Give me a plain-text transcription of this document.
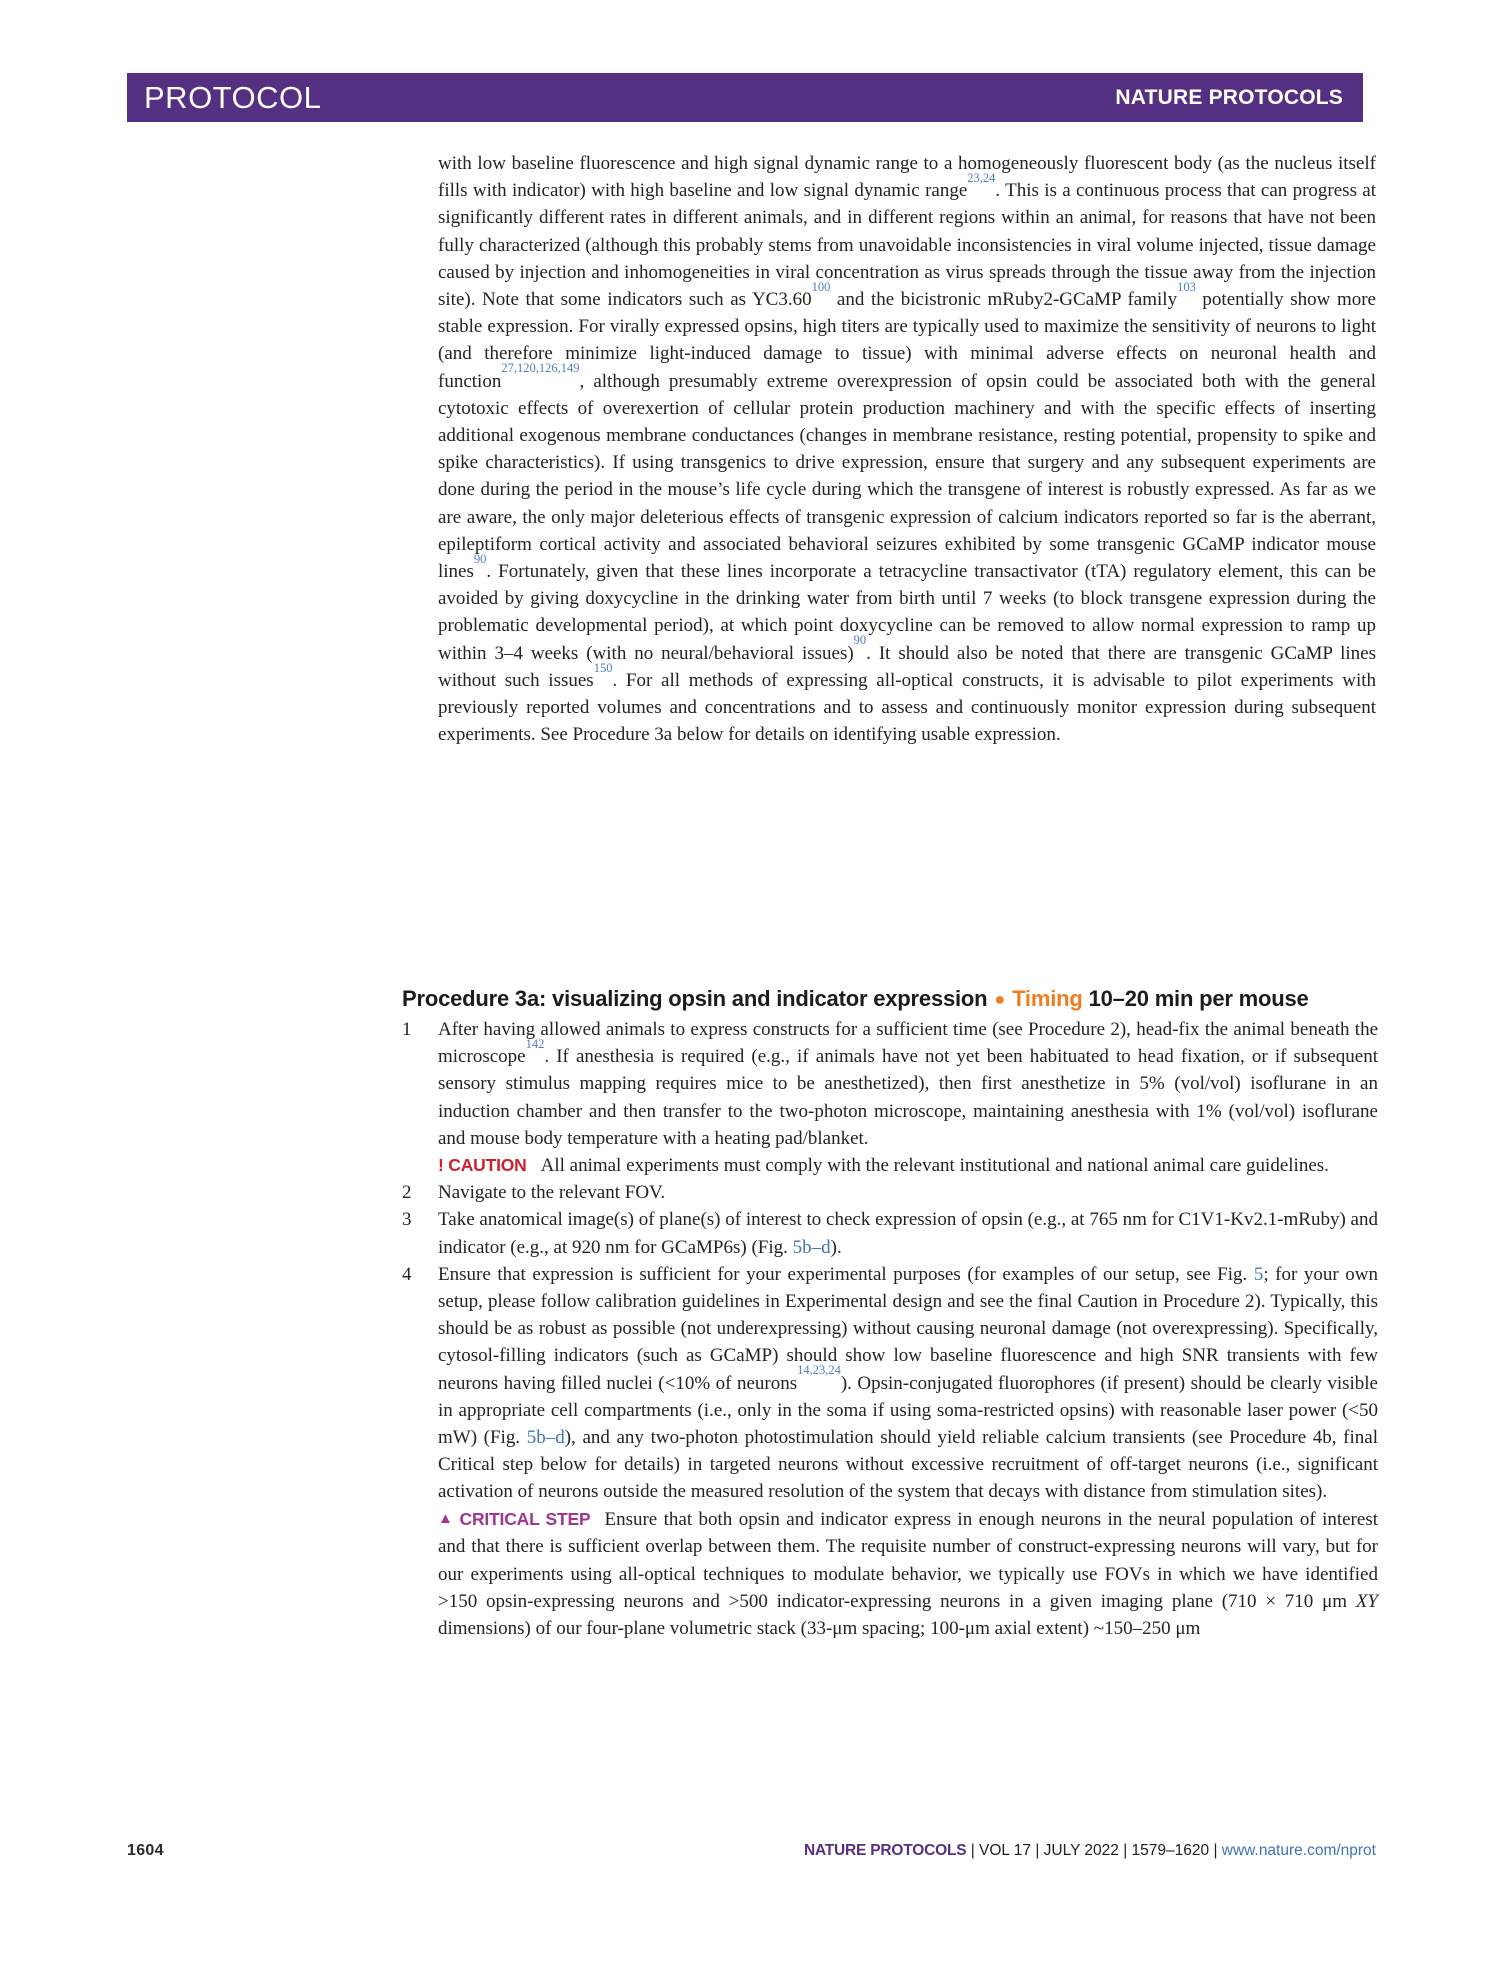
PROTOCOL	NATURE PROTOCOLS
with low baseline fluorescence and high signal dynamic range to a homogeneously fluorescent body (as the nucleus itself fills with indicator) with high baseline and low signal dynamic range$^{23,24}$. This is a continuous process that can progress at significantly different rates in different animals, and in different regions within an animal, for reasons that have not been fully characterized (although this probably stems from unavoidable inconsistencies in viral volume injected, tissue damage caused by injection and inhomogeneities in viral concentration as virus spreads through the tissue away from the injection site). Note that some indicators such as YC3.60$^{100}$ and the bicistronic mRuby2-GCaMP family$^{103}$ potentially show more stable expression. For virally expressed opsins, high titers are typically used to maximize the sensitivity of neurons to light (and therefore minimize light-induced damage to tissue) with minimal adverse effects on neuronal health and function$^{27,120,126,149}$, although presumably extreme overexpression of opsin could be associated both with the general cytotoxic effects of overexertion of cellular protein production machinery and with the specific effects of inserting additional exogenous membrane conductances (changes in membrane resistance, resting potential, propensity to spike and spike characteristics). If using transgenics to drive expression, ensure that surgery and any subsequent experiments are done during the period in the mouse’s life cycle during which the transgene of interest is robustly expressed. As far as we are aware, the only major deleterious effects of transgenic expression of calcium indicators reported so far is the aberrant, epileptiform cortical activity and associated behavioral seizures exhibited by some transgenic GCaMP indicator mouse lines$^{90}$. Fortunately, given that these lines incorporate a tetracycline transactivator (tTA) regulatory element, this can be avoided by giving doxycycline in the drinking water from birth until 7 weeks (to block transgene expression during the problematic developmental period), at which point doxycycline can be removed to allow normal expression to ramp up within 3–4 weeks (with no neural/behavioral issues)$^{90}$. It should also be noted that there are transgenic GCaMP lines without such issues$^{150}$. For all methods of expressing all-optical constructs, it is advisable to pilot experiments with previously reported volumes and concentrations and to assess and continuously monitor expression during subsequent experiments. See Procedure 3a below for details on identifying usable expression.
Procedure 3a: visualizing opsin and indicator expression ● Timing 10–20 min per mouse
1	After having allowed animals to express constructs for a sufficient time (see Procedure 2), head-fix the animal beneath the microscope$^{142}$. If anesthesia is required (e.g., if animals have not yet been habituated to head fixation, or if subsequent sensory stimulus mapping requires mice to be anesthetized), then first anesthetize in 5% (vol/vol) isoflurane in an induction chamber and then transfer to the two-photon microscope, maintaining anesthesia with 1% (vol/vol) isoflurane and mouse body temperature with a heating pad/blanket.
! CAUTION All animal experiments must comply with the relevant institutional and national animal care guidelines.
2	Navigate to the relevant FOV.
3	Take anatomical image(s) of plane(s) of interest to check expression of opsin (e.g., at 765 nm for C1V1-Kv2.1-mRuby) and indicator (e.g., at 920 nm for GCaMP6s) (Fig. 5b–d).
4	Ensure that expression is sufficient for your experimental purposes (for examples of our setup, see Fig. 5; for your own setup, please follow calibration guidelines in Experimental design and see the final Caution in Procedure 2). Typically, this should be as robust as possible (not underexpressing) without causing neuronal damage (not overexpressing). Specifically, cytosol-filling indicators (such as GCaMP) should show low baseline fluorescence and high SNR transients with few neurons having filled nuclei (<10% of neurons$^{14,23,24}$). Opsin-conjugated fluorophores (if present) should be clearly visible in appropriate cell compartments (i.e., only in the soma if using soma-restricted opsins) with reasonable laser power (<50 mW) (Fig. 5b–d), and any two-photon photostimulation should yield reliable calcium transients (see Procedure 4b, final Critical step below for details) in targeted neurons without excessive recruitment of off-target neurons (i.e., significant activation of neurons outside the measured resolution of the system that decays with distance from stimulation sites).
▲ CRITICAL STEP Ensure that both opsin and indicator express in enough neurons in the neural population of interest and that there is sufficient overlap between them. The requisite number of construct-expressing neurons will vary, but for our experiments using all-optical techniques to modulate behavior, we typically use FOVs in which we have identified >150 opsin-expressing neurons and >500 indicator-expressing neurons in a given imaging plane (710 × 710 μm XY dimensions) of our four-plane volumetric stack (33-μm spacing; 100-μm axial extent) ~150–250 μm
1604	NATURE PROTOCOLS | VOL 17 | JULY 2022 | 1579–1620 | www.nature.com/nprot
